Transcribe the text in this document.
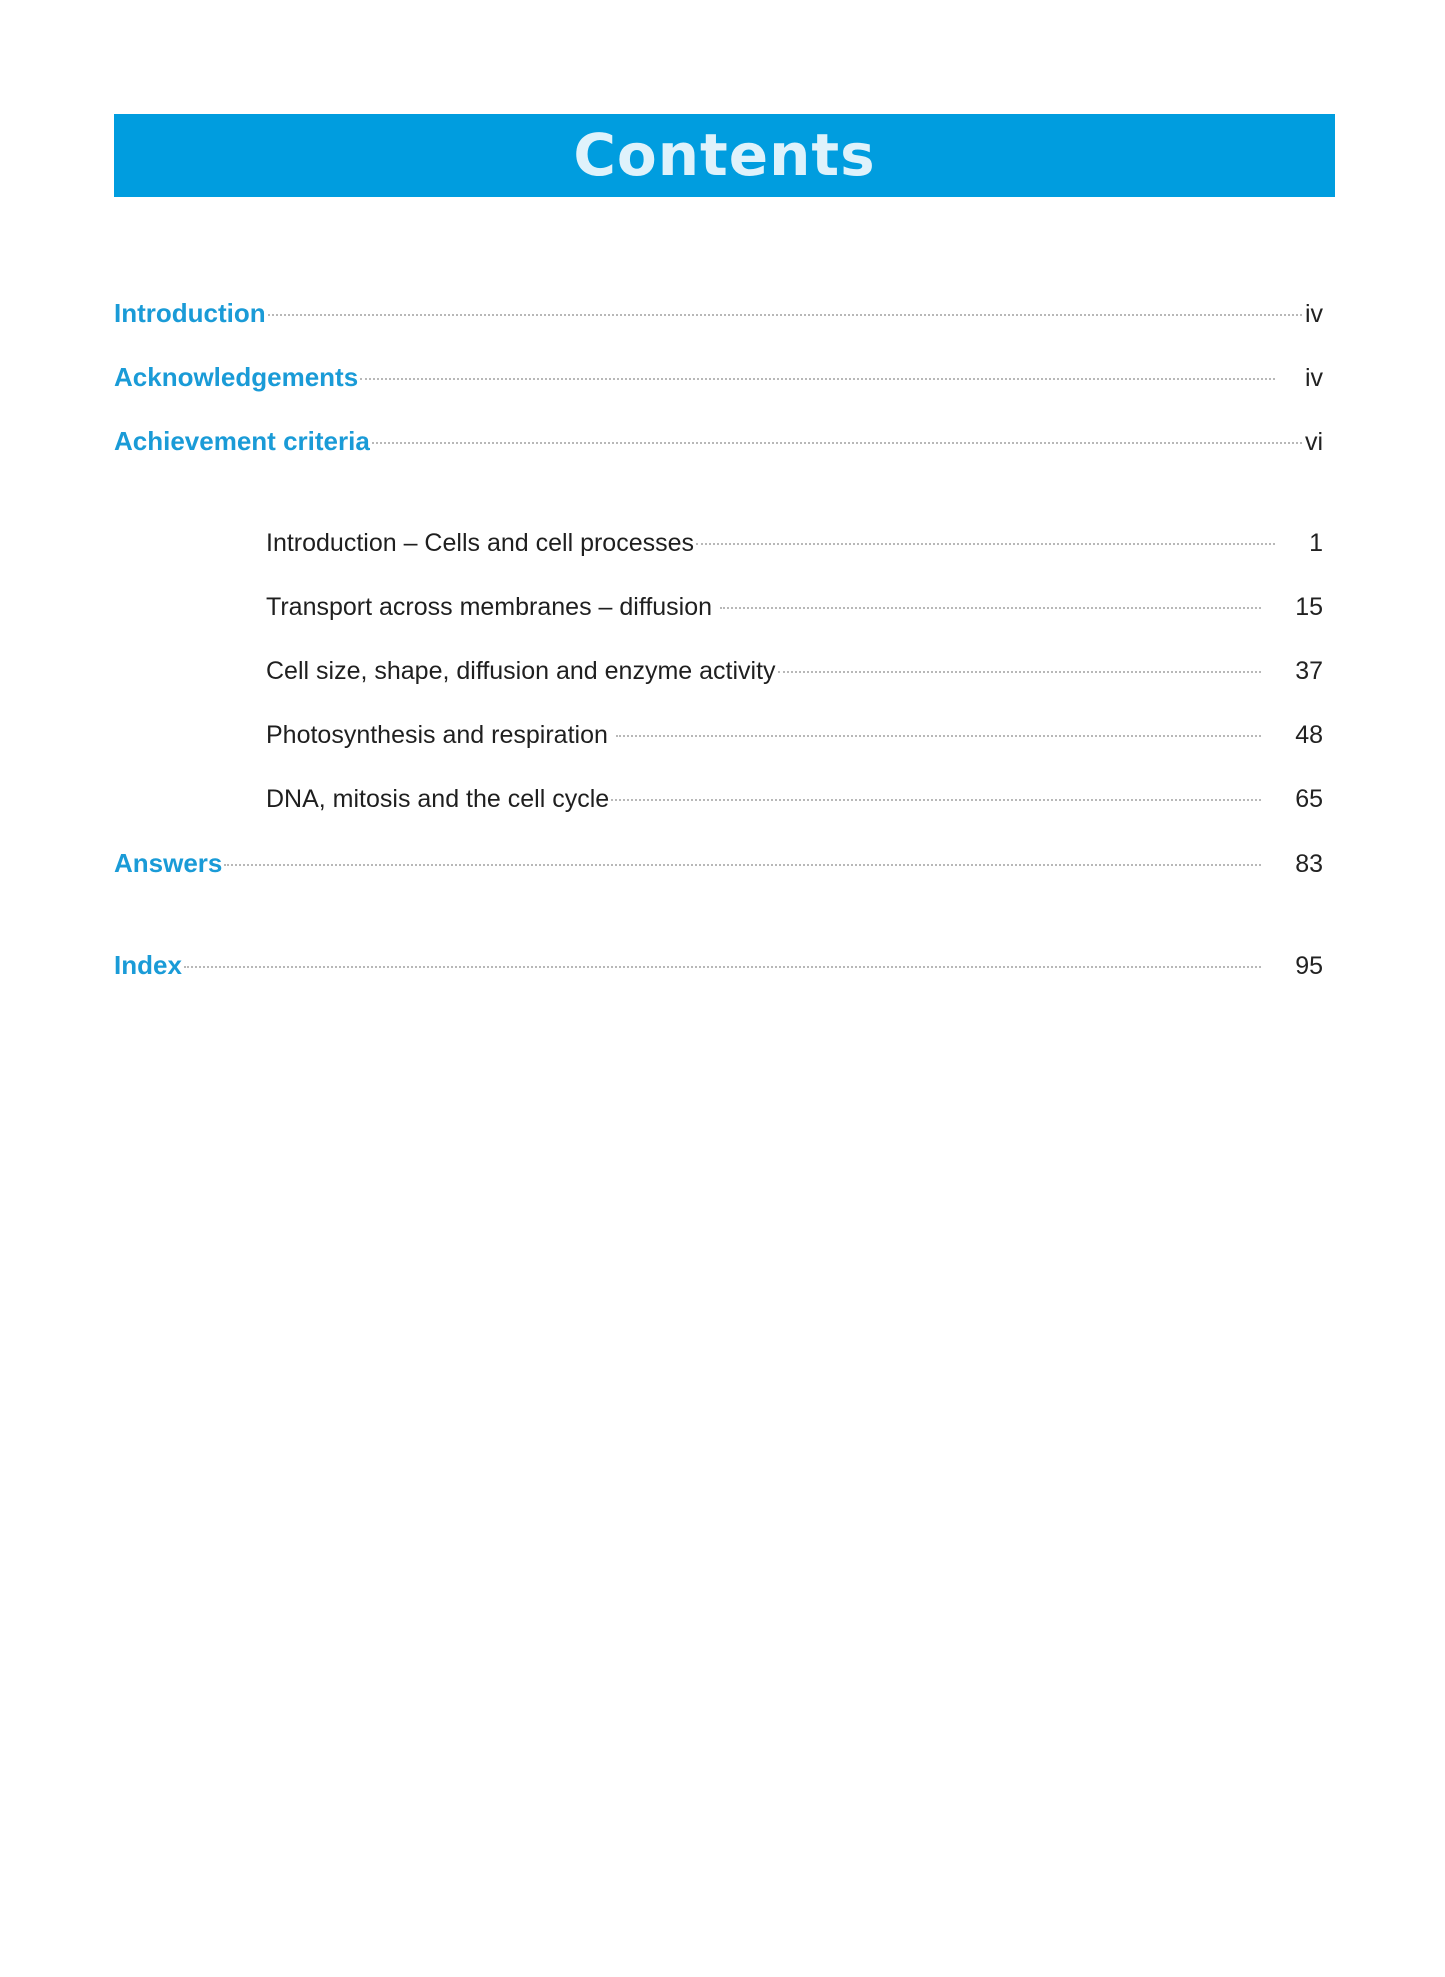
Contents
Introduction	iv
Acknowledgements	iv
Achievement criteria	vi
Introduction – Cells and cell processes	1
Transport across membranes – diffusion	15
Cell size, shape, diffusion and enzyme activity	37
Photosynthesis and respiration	48
DNA, mitosis and the cell cycle	65
Answers	83
Index	95
